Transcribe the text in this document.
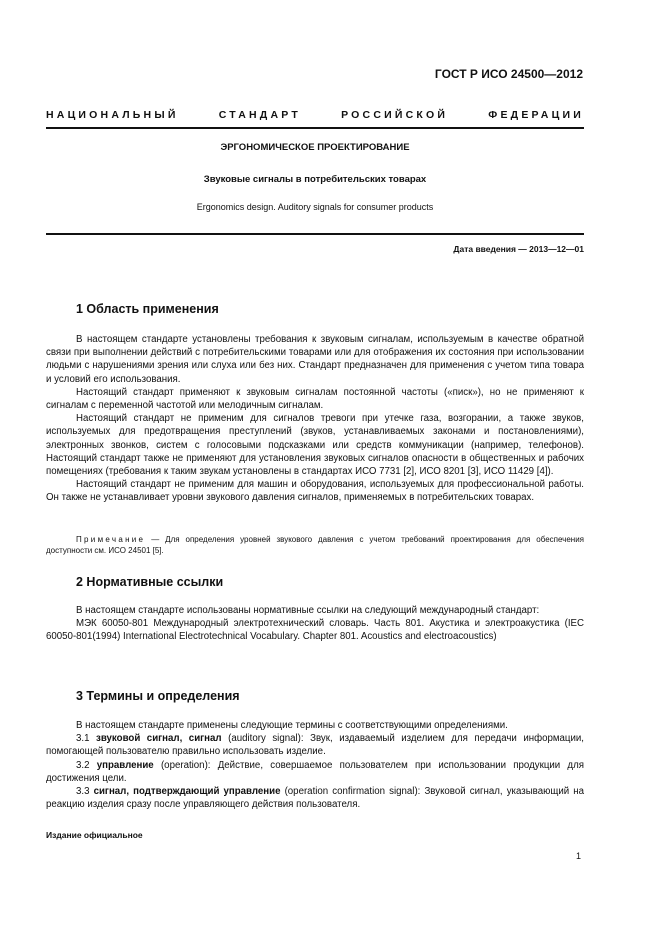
ГОСТ Р ИСО 24500—2012
НАЦИОНАЛЬНЫЙ	СТАНДАРТ	РОССИЙСКОЙ	ФЕДЕРАЦИИ
ЭРГОНОМИЧЕСКОЕ ПРОЕКТИРОВАНИЕ
Звуковые сигналы в потребительских товарах
Ergonomics design. Auditory signals for consumer products
Дата введения — 2013—12—01
1 Область применения

В настоящем стандарте установлены требования к звуковым сигналам, используемым в качестве обратной связи при выполнении действий с потребительскими товарами или для отображения их состояния при использовании людьми с нарушениями зрения или слуха или без них. Стандарт предназначен для применения с учетом типа товара и условий его использования.

Настоящий стандарт применяют к звуковым сигналам постоянной частоты («писк»), но не применяют к сигналам с переменной частотой или мелодичным сигналам.

Настоящий стандарт не применим для сигналов тревоги при утечке газа, возгорании, а также звуков, используемых для предотвращения преступлений (звуков, устанавливаемых законами и постановлениями), электронных звонков, систем с голосовыми подсказками или средств коммуникации (например, телефонов). Настоящий стандарт также не применяют для установления звуковых сигналов опасности в общественных и рабочих помещениях (требования к таким звукам установлены в стандартах ИСО 7731 [2], ИСО 8201 [3], ИСО 11429 [4]).

Настоящий стандарт не применим для машин и оборудования, используемых для профессиональной работы. Он также не устанавливает уровни звукового давления сигналов, применяемых в потребительских товарах.

Примечание — Для определения уровней звукового давления с учетом требований проектирования для обеспечения доступности см. ИСО 24501 [5].

2 Нормативные ссылки

В настоящем стандарте использованы нормативные ссылки на следующий международный стандарт:

МЭК 60050-801 Международный электротехнический словарь. Часть 801. Акустика и электроакустика (IEC 60050-801(1994) International Electrotechnical Vocabulary. Chapter 801. Acoustics and electroacoustics)

3 Термины и определения

В настоящем стандарте применены следующие термины с соответствующими определениями.

3.1 звуковой сигнал, сигнал (auditory signal): Звук, издаваемый изделием для передачи информации, помогающей пользователю правильно использовать изделие.

3.2 управление (operation): Действие, совершаемое пользователем при использовании продукции для достижения цели.

3.3 сигнал, подтверждающий управление (operation confirmation signal): Звуковой сигнал, указывающий на реакцию изделия сразу после управляющего действия пользователя.

Издание официальное
1
